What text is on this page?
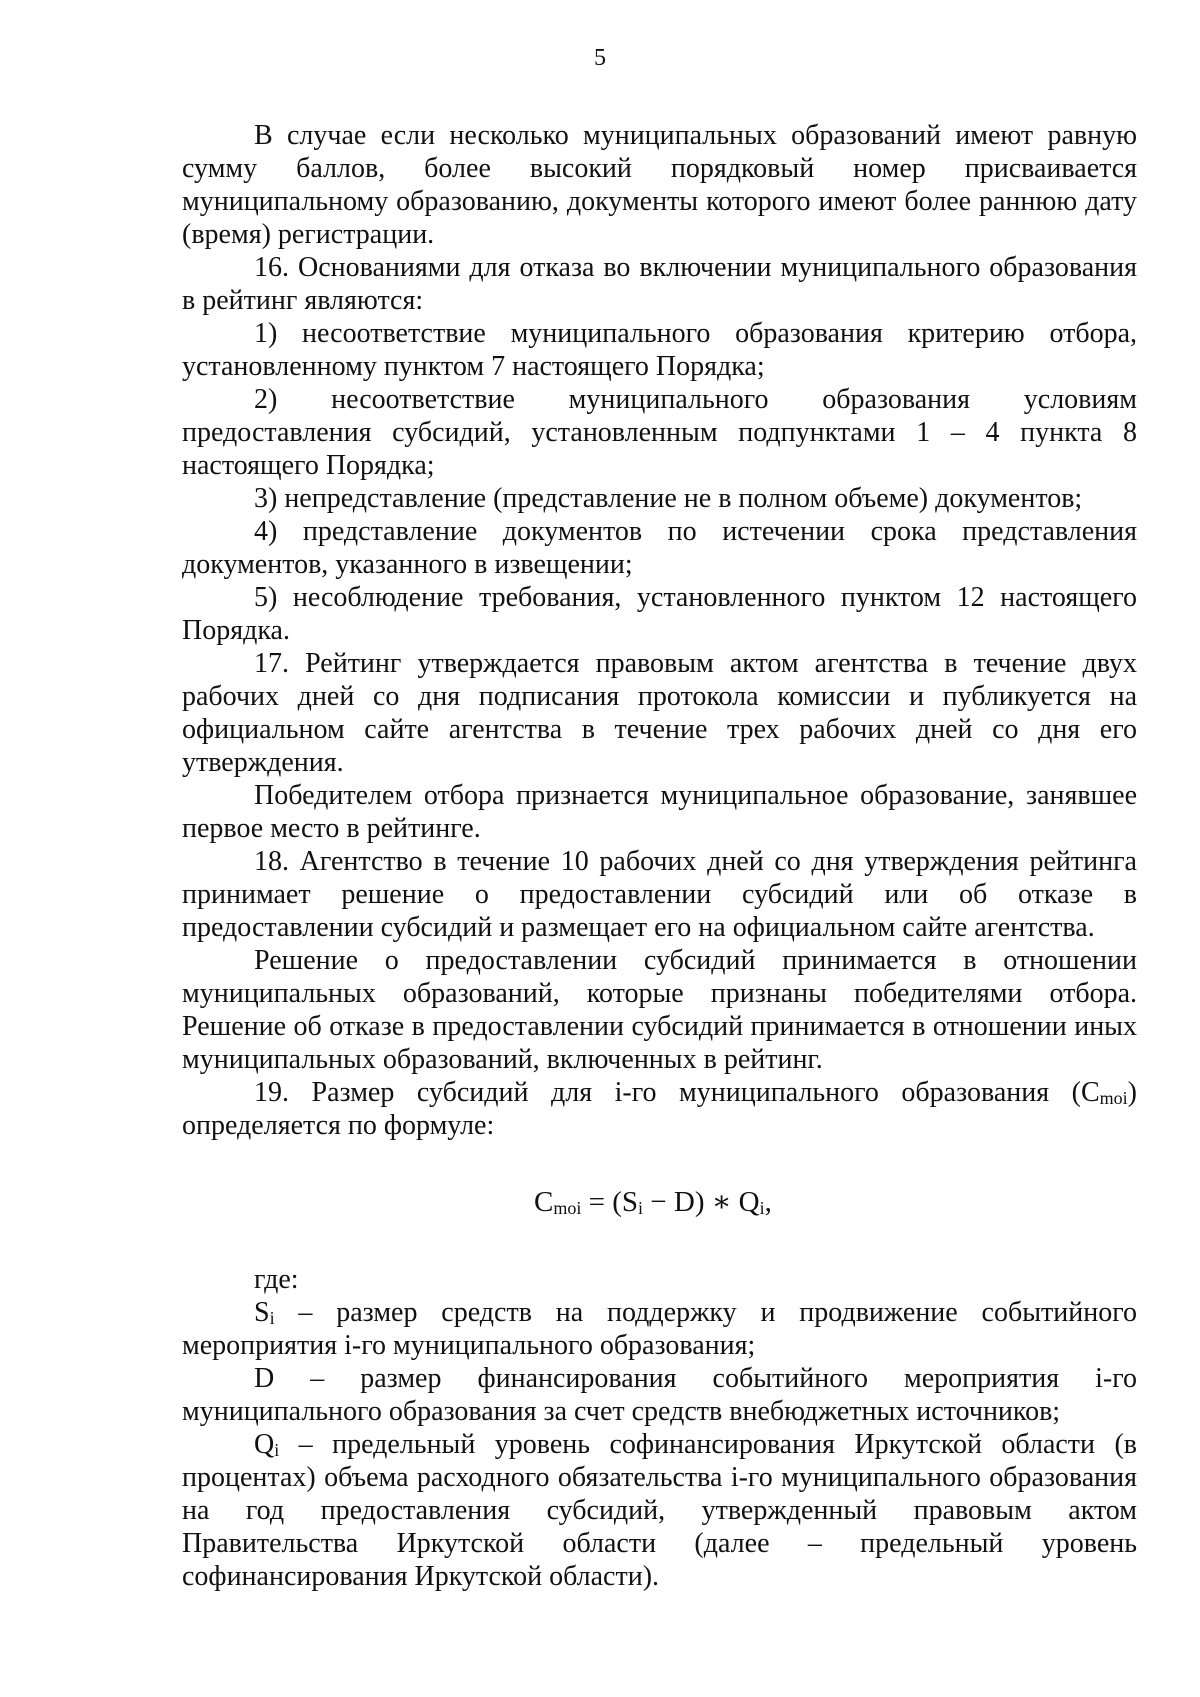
5

В случае если несколько муниципальных образований имеют равную сумму баллов, более высокий порядковый номер присваивается муниципальному образованию, документы которого имеют более раннюю дату (время) регистрации.

16. Основаниями для отказа во включении муниципального образования в рейтинг являются:

1) несоответствие муниципального образования критерию отбора, установленному пунктом 7 настоящего Порядка;

2) несоответствие муниципального образования условиям предоставления субсидий, установленным подпунктами 1 – 4 пункта 8 настоящего Порядка;

3) непредставление (представление не в полном объеме) документов;

4) представление документов по истечении срока представления документов, указанного в извещении;

5) несоблюдение требования, установленного пунктом 12 настоящего Порядка.

17. Рейтинг утверждается правовым актом агентства в течение двух рабочих дней со дня подписания протокола комиссии и публикуется на официальном сайте агентства в течение трех рабочих дней со дня его утверждения.

Победителем отбора признается муниципальное образование, занявшее первое место в рейтинге.

18. Агентство в течение 10 рабочих дней со дня утверждения рейтинга принимает решение о предоставлении субсидий или об отказе в предоставлении субсидий и размещает его на официальном сайте агентства.

Решение о предоставлении субсидий принимается в отношении муниципальных образований, которые признаны победителями отбора. Решение об отказе в предоставлении субсидий принимается в отношении иных муниципальных образований, включенных в рейтинг.

19. Размер субсидий для i-го муниципального образования $(C_{moi})$ определяется по формуле:

$C_{moi} = (S_i - D)$ ∗ $Q_i$,

где:

$S_i$ – размер средств на поддержку и продвижение событийного мероприятия i-го муниципального образования;

D – размер финансирования событийного мероприятия i-го муниципального образования за счет средств внебюджетных источников;

$Q_i$ – предельный уровень софинансирования Иркутской области (в процентах) объема расходного обязательства i-го муниципального образования на год предоставления субсидий, утвержденный правовым актом Правительства Иркутской области (далее – предельный уровень софинансирования Иркутской области).
